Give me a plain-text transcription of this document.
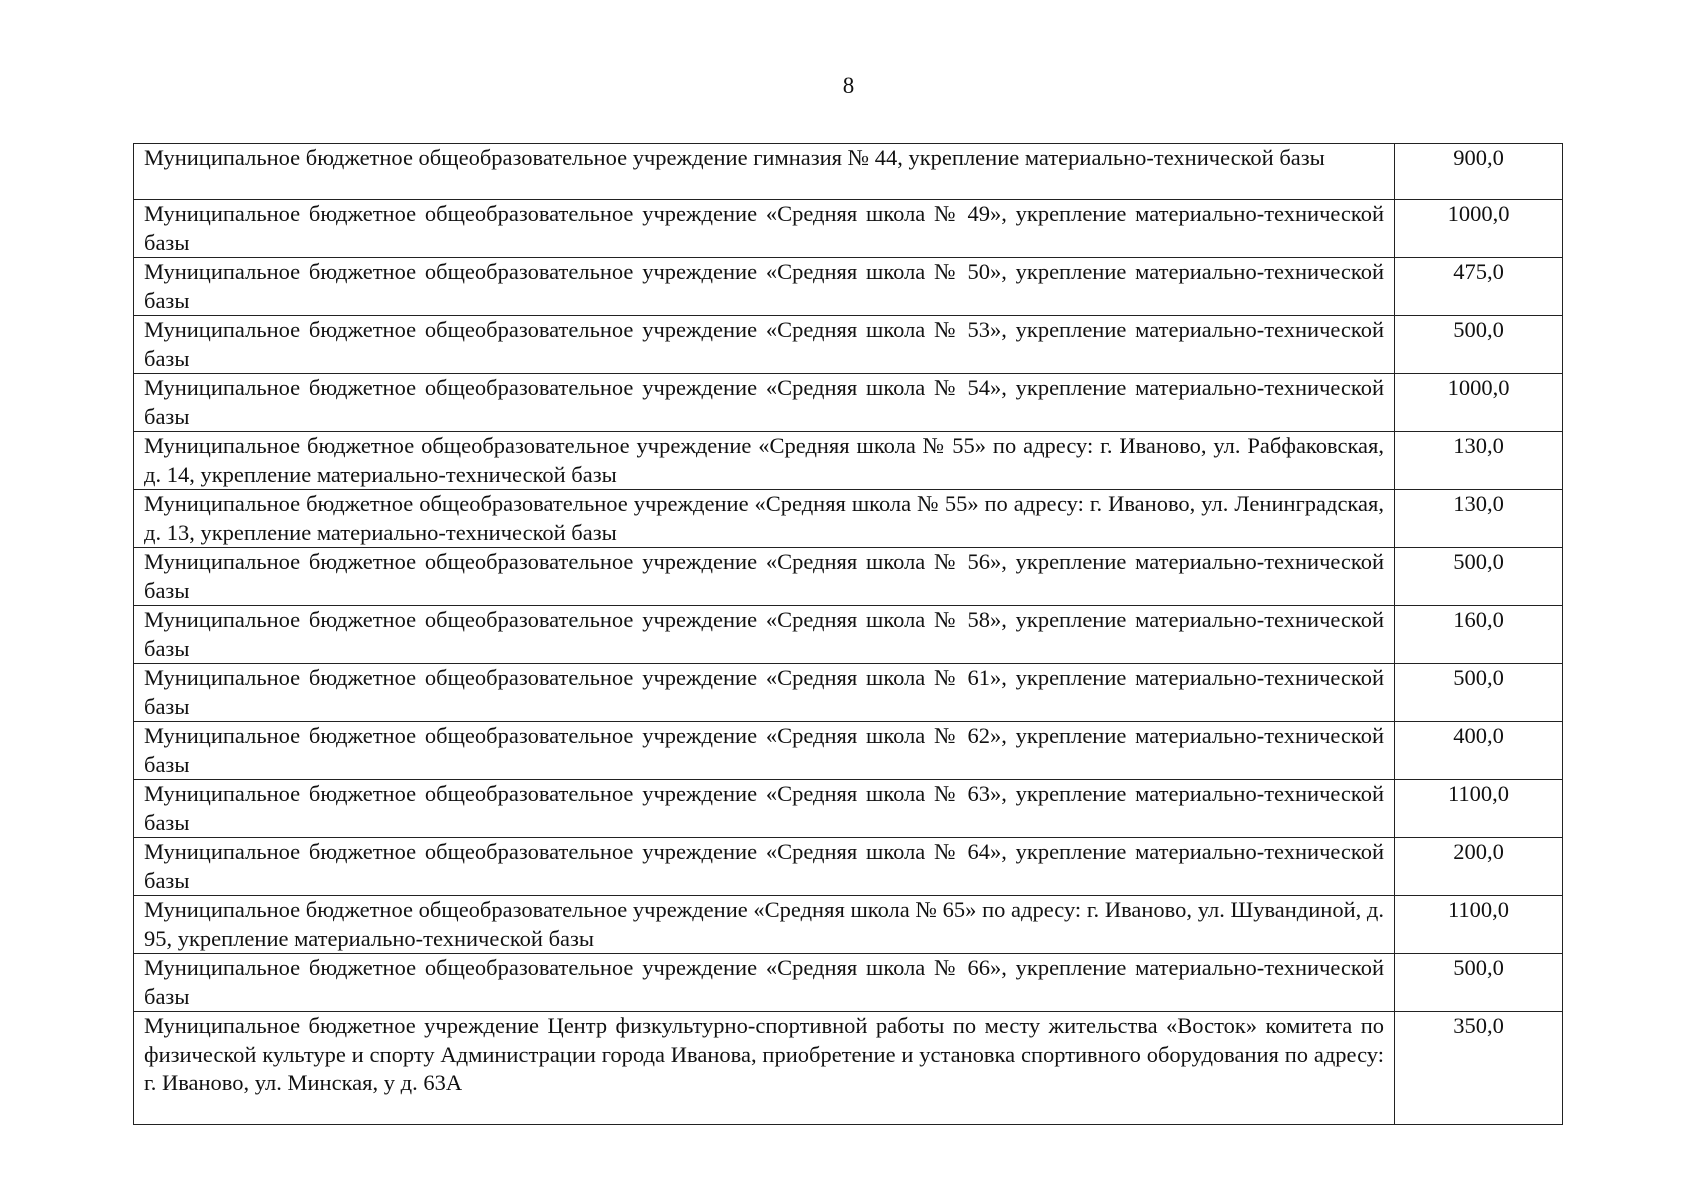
8
Муниципальное бюджетное общеобразовательное учреждение гимназия № 44, укрепление материально-технической базы	900,0
Муниципальное бюджетное общеобразовательное учреждение «Средняя школа № 49», укрепление материально-технической базы	1000,0
Муниципальное бюджетное общеобразовательное учреждение «Средняя школа № 50», укрепление материально-технической базы	475,0
Муниципальное бюджетное общеобразовательное учреждение «Средняя школа № 53», укрепление материально-технической базы	500,0
Муниципальное бюджетное общеобразовательное учреждение «Средняя школа № 54», укрепление материально-технической базы	1000,0
Муниципальное бюджетное общеобразовательное учреждение «Средняя школа № 55» по адресу: г. Иваново, ул. Рабфаковская, д. 14, укрепление материально-технической базы	130,0
Муниципальное бюджетное общеобразовательное учреждение «Средняя школа № 55» по адресу: г. Иваново, ул. Ленинградская, д. 13, укрепление материально-технической базы	130,0
Муниципальное бюджетное общеобразовательное учреждение «Средняя школа № 56», укрепление материально-технической базы	500,0
Муниципальное бюджетное общеобразовательное учреждение «Средняя школа № 58», укрепление материально-технической базы	160,0
Муниципальное бюджетное общеобразовательное учреждение «Средняя школа № 61», укрепление материально-технической базы	500,0
Муниципальное бюджетное общеобразовательное учреждение «Средняя школа № 62», укрепление материально-технической базы	400,0
Муниципальное бюджетное общеобразовательное учреждение «Средняя школа № 63», укрепление материально-технической базы	1100,0
Муниципальное бюджетное общеобразовательное учреждение «Средняя школа № 64», укрепление материально-технической базы	200,0
Муниципальное бюджетное общеобразовательное учреждение «Средняя школа № 65» по адресу: г. Иваново, ул. Шувандиной, д. 95, укрепление материально-технической базы	1100,0
Муниципальное бюджетное общеобразовательное учреждение «Средняя школа № 66», укрепление материально-технической базы	500,0
Муниципальное бюджетное учреждение Центр физкультурно-спортивной работы по месту жительства «Восток» комитета по физической культуре и спорту Администрации города Иванова, приобретение и установка спортивного оборудования по адресу: г. Иваново, ул. Минская, у д. 63А	350,0
